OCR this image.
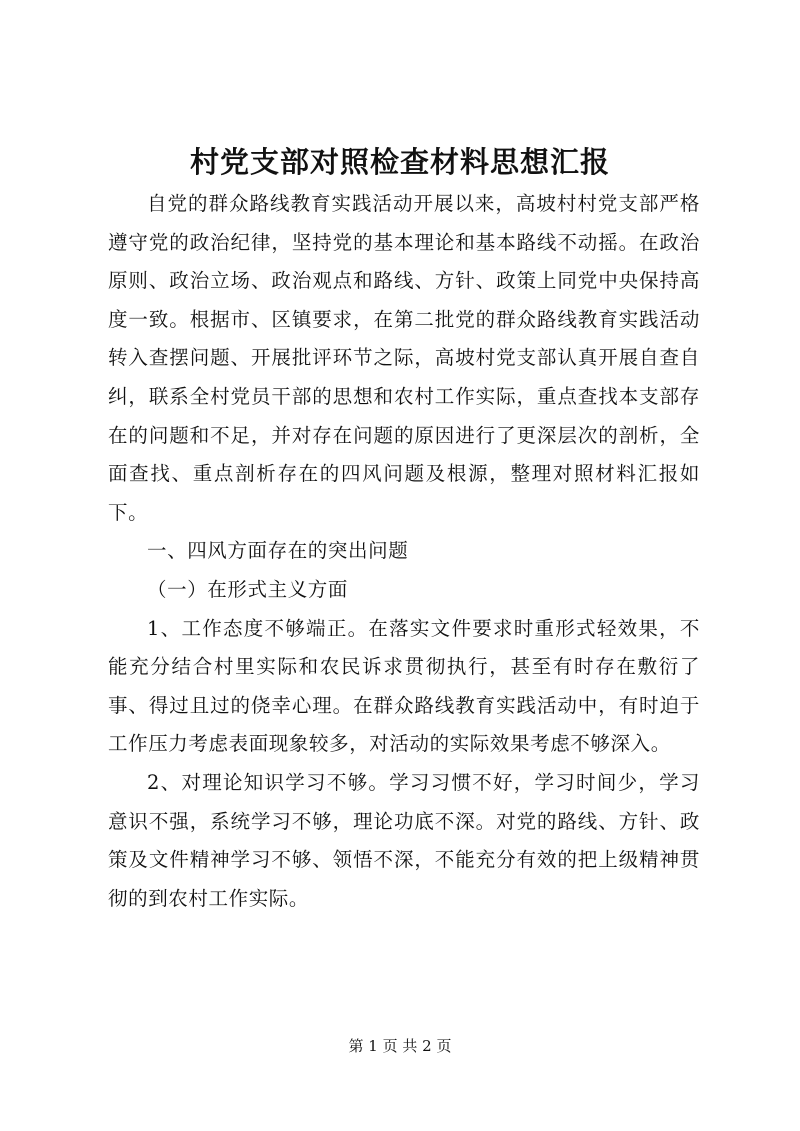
村党支部对照检查材料思想汇报

自党的群众路线教育实践活动开展以来，高坡村村党支部严格遵守党的政治纪律，坚持党的基本理论和基本路线不动摇。在政治原则、政治立场、政治观点和路线、方针、政策上同党中央保持高度一致。根据市、区镇要求，在第二批党的群众路线教育实践活动转入查摆问题、开展批评环节之际，高坡村党支部认真开展自查自纠，联系全村党员干部的思想和农村工作实际，重点查找本支部存在的问题和不足，并对存在问题的原因进行了更深层次的剖析，全面查找、重点剖析存在的四风问题及根源，整理对照材料汇报如下。

一、四风方面存在的突出问题

（一）在形式主义方面

1、工作态度不够端正。在落实文件要求时重形式轻效果，不能充分结合村里实际和农民诉求贯彻执行，甚至有时存在敷衍了事、得过且过的侥幸心理。在群众路线教育实践活动中，有时迫于工作压力考虑表面现象较多，对活动的实际效果考虑不够深入。

2、对理论知识学习不够。学习习惯不好，学习时间少，学习意识不强，系统学习不够，理论功底不深。对党的路线、方针、政策及文件精神学习不够、领悟不深，不能充分有效的把上级精神贯彻的到农村工作实际。

第 1 页 共 2 页
